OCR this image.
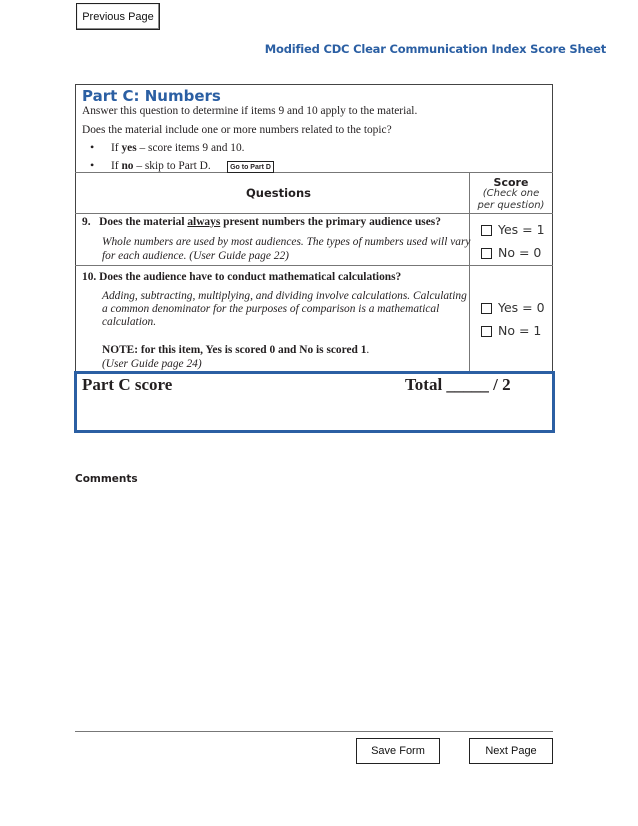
Previous Page
Modified CDC Clear Communication Index Score Sheet
Part C: Numbers
Answer this question to determine if items 9 and 10 apply to the material.
Does the material include one or more numbers related to the topic?
• If yes – score items 9 and 10.
• If no – skip to Part D.	Go to Part D
Questions
Score
(Check one
per question)
9. Does the material always present numbers the primary audience uses?
Whole numbers are used by most audiences. The types of numbers used will vary
for each audience. (User Guide page 22)
Yes = 1
No = 0
10. Does the audience have to conduct mathematical calculations?
Adding, subtracting, multiplying, and dividing involve calculations. Calculating
a common denominator for the purposes of comparison is a mathematical
calculation.
NOTE: for this item, Yes is scored 0 and No is scored 1.
(User Guide page 24)
Yes = 0
No = 1
Part C score	Total _____ / 2
Comments
Save Form	Next Page
